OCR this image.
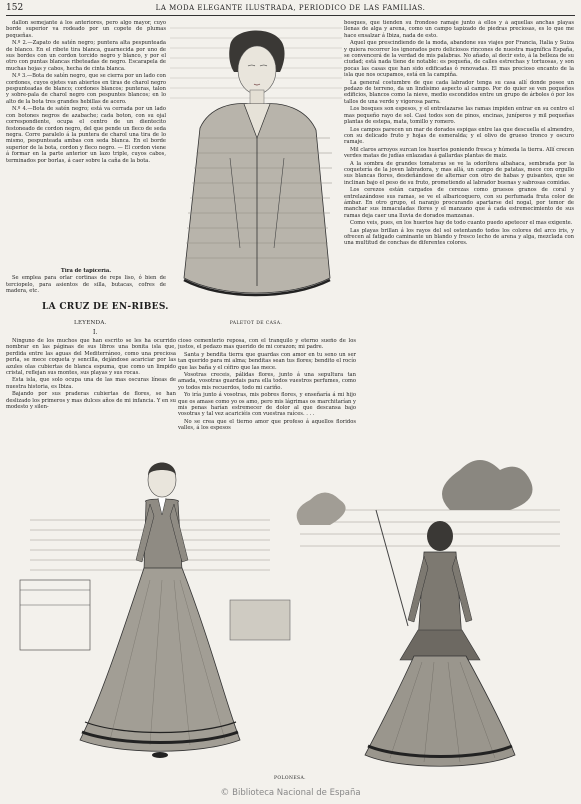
152	LA MODA ELEGANTE ILUSTRADA, PERIODICO DE LAS FAMILIAS.

dallon semejante á los anteriores, pero algo mayor, cuyo borde superior va rodeado por un copete de plumas pequeñas.

N.º 2.—Zapato de satén negro; puntera alta pespunteada de blanco. En el ribete tira blanca, guarnecida por uno de sus bordes con un cordon torcido negro y blanco, y por el otro con puntas blancas ribeteadas de negro. Escarapela de muchas hojas y cabos, hecha de cinta blanca.

N.º 3.—Bota de satén negro, que se cierra por un lado con cordones, cuyos ojetes van abiertos en tiras de charol negro pespunteadas de blanco; cordones blancos; punteras, talon y sobre-pala de charol negro con pespuntes blancos; en lo alto de la bota tres grandes hebillas de acero.

N.º 4.—Bota de satén negro; está va cerrada por un lado con botones negros de azabache; cada boton, con su ojal correspondiente, ocupa el centro de un dientecito festoneado de cordon negro, del que pende un fleco de seda negra. Corre paralelo á la puntera de charol una tira de lo mismo, pespunteada ambas con seda blanca. En el borde superior de la bota, cordon y fleco negro. — El cordon viene á formar en la parte anterior un lazo triple, cuyos cabos, terminados por borlas, á caer sobre la caña de la bota.

Tira de tapicería.

Se emplea para orlar cortinas de reps liso, ó bien de terciopelo, para asientos de silla, butacas, cofres de madera, etc.

LA CRUZ DE EN-RIBES.
LEYENDA.
I.
PALETOT DE CASA.

bosques, que tienden su frondoso ramaje junto á ellos y á aquellas anchas playas llenas de alga y arena, como un campo tapizado de piedras preciosas, es lo que me hace ensalzar á Ibiza, nada de esto.

Aquel que prescindiendo de la moda, abandone sus viajes por Francia, Italia y Suiza y quiera recorrer los ignorados pero deliciosos rincones de nuestra magnífica España, se convencerá de la verdad de mis palabras. No añado, al decir esto, á la belleza de su ciudad; está nada tiene de notable: es pequeña, de calles estrechas y tortuosas, y son pocas las casas que han sido edificadas ó renovadas. El mas precioso encanto de la isla que nos ocupamos, está en la campiña.

La general costumbre de que cada labrador tenga su casa allí donde posee un pedazo de terreno, da un lindísimo aspecto al campo. Por do quier se ven pequeños edificios, blancos como la nieve, medio escondidos entre un grupo de árboles ó por los tallos de una verde y vigorosa parra.

Los bosques son espesos, y el entrelazarse las ramas impiden entrar en su centro el mas pequeño rayo de sol. Casi todos son de pinos, encinas, juníperos y mil pequeñas plantas de estepa, mata, tomillo y romero.

Los campos parecen un mar de dorados espigas entre las que descuella el almendro, con su delicado fruto y hojas de esmeralda; y el olivo de grueso tronco y oscuro ramaje.

Mil claros arroyos surcan los huertos poniendo fresca y húmeda la tierra. Allí crecen verdes matas de judías enlazadas á gallardas plantas de maiz.

A la sombra de grandes tomateras se ve la odorífera albahaca, sembrada por la coquetería de la joven labradora, y mas allá, un campo de patatas, mece con orgullo sus blancas flores, desdeñándose de alternar con otro de habas y guisantes, que se inclinan bajo el peso de su fruto, prometiendo al labrador buenas y sabrosas comidas.

Los cerezos están cargados de cerezas como gruesos granos de coral y entrelazándose sus ramas, se ve el albaricoquero, con su perfumada fruta color de ámbar. En otro grupo, el naranjo procurando apartarse del nogal, por temor de manchar sus inmaculadas flores y el manzano que á cada estremecimiento de sus ramas deja caer una lluvia de dorados manzanas.

Como veis, pues, en los huertos hay de todo cuanto puedo apetecer el mas exigente.

Las playas brillan á los rayos del sol ostentando todos los colores del arco iris, y ofrecen al fatigado caminante un blando y fresco lecho de arena y alga, mezclada con una multitud de conchas de diferentes colores.

Ninguno de los muchos que han escrito se les ha ocurrido nombrar en las páginas de sus libros una bonita isla que, perdida entre las aguas del Mediterráneo, como una preciosa perla, se mece coqueta y sencilla, dejándose acariciar por las azules olas cubiertas de blanca espuma, que como un limpido cristal, reflejan sus montes, sus playas y sus rocas.

Esta isla, que solo ocupa una de las mas oscuras líneas de nuestra historia, es Ibiza.

Bajando por sus praderas cubiertas de flores, se han deslizado los primeros y mas dulces años de mi infancia. Y en su modesto y silen-

cioso cementerio reposa, con el tranquilo y eterno sueño de los justos, el pedazo mas querido de mi corazon; mi padre.

Santa y bendita tierra que guardas con amor en tu seno un ser tan querido para mi alma; benditas sean tus flores; bendito el rocío que las baña y el céfiro que las mece.

Vosotras creceis, pálidas flores, junto á una sepultura tan amada, vosotras guardais para ella todos vuestros perfumes, como yo todos mis recuerdos, todo mi cariño.

Yo iría junto á vosotras, mis pobres flores, y enseñaría á mi hijo que os amase como yo os amo, pero mis lágrimas os marchitarían y mis penas harían estremecer de dolor al que descansa bajo vosotras y tal vez acariciéis con vuestras raíces. . . .

No se crea que el tierno amor que profeso á aquellos floridos valles, á los espesos

POLONESA.
© Biblioteca Nacional de España
